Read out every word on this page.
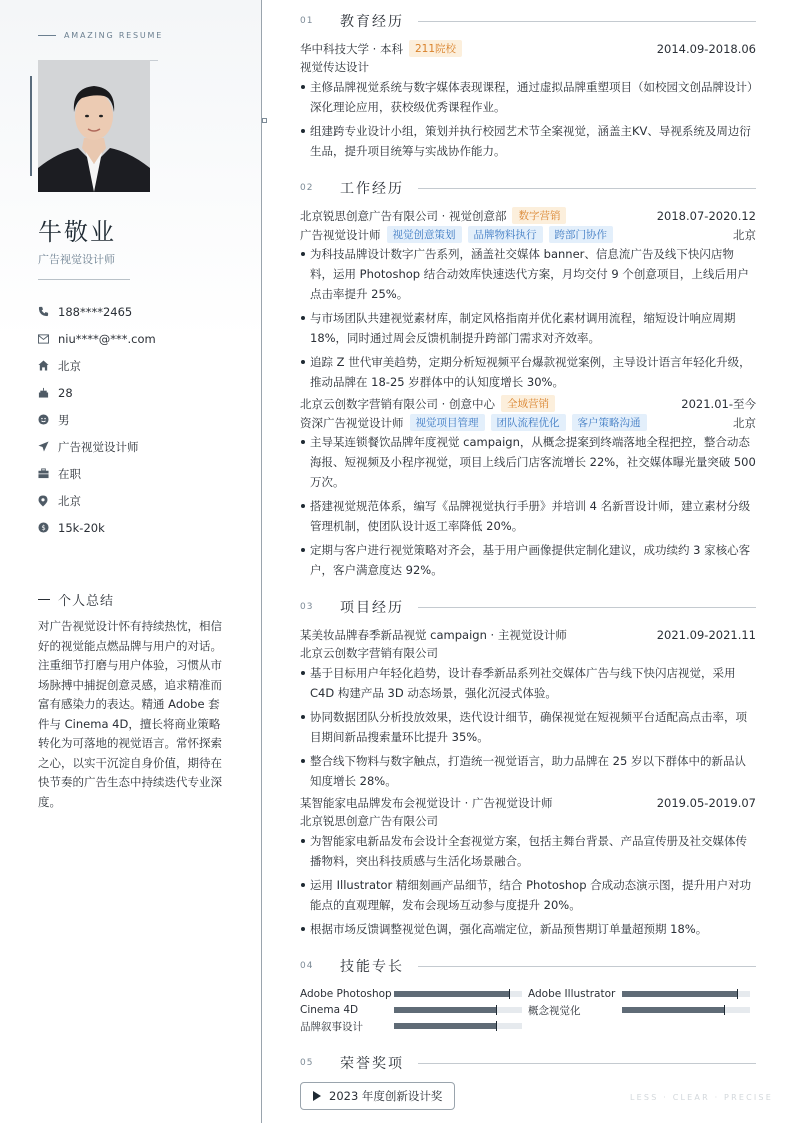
AMAZING RESUME
牛敬业
广告视觉设计师
188****2465
niu****@***.com
北京
28
男
广告视觉设计师
在职
北京
$ 15k-20k
个人总结
对广告视觉设计怀有持续热忱，相信好的视觉能点燃品牌与用户的对话。注重细节打磨与用户体验，习惯从市场脉搏中捕捉创意灵感，追求精准而富有感染力的表达。精通 Adobe 套件与 Cinema 4D，擅长将商业策略转化为可落地的视觉语言。常怀探索之心，以实干沉淀自身价值，期待在快节奏的广告生态中持续迭代专业深度。
01	教育经历
华中科技大学 · 本科	211院校	2014.09-2018.06
视觉传达设计
主修品牌视觉系统与数字媒体表现课程，通过虚拟品牌重塑项目（如校园文创品牌设计）深化理论应用，获校级优秀课程作业。
组建跨专业设计小组，策划并执行校园艺术节全案视觉，涵盖主KV、导视系统及周边衍生品，提升项目统筹与实战协作能力。
02	工作经历
北京锐思创意广告有限公司 · 视觉创意部	数字营销	2018.07-2020.12
广告视觉设计师	视觉创意策划	品牌物料执行	跨部门协作	北京
为科技品牌设计数字广告系列，涵盖社交媒体 banner、信息流广告及线下快闪店物料，运用 Photoshop 结合动效库快速迭代方案，月均交付 9 个创意项目，上线后用户点击率提升 25%。
与市场团队共建视觉素材库，制定风格指南并优化素材调用流程，缩短设计响应周期 18%，同时通过周会反馈机制提升跨部门需求对齐效率。
追踪 Z 世代审美趋势，定期分析短视频平台爆款视觉案例，主导设计语言年轻化升级，推动品牌在 18-25 岁群体中的认知度增长 30%。
北京云创数字营销有限公司 · 创意中心	全域营销	2021.01-至今
资深广告视觉设计师	视觉项目管理	团队流程优化	客户策略沟通	北京
主导某连锁餐饮品牌年度视觉 campaign，从概念提案到终端落地全程把控，整合动态海报、短视频及小程序视觉，项目上线后门店客流增长 22%，社交媒体曝光量突破 500 万次。
搭建视觉规范体系，编写《品牌视觉执行手册》并培训 4 名新晋设计师，建立素材分级管理机制，使团队设计返工率降低 20%。
定期与客户进行视觉策略对齐会，基于用户画像提供定制化建议，成功续约 3 家核心客户，客户满意度达 92%。
03	项目经历
某美妆品牌春季新品视觉 campaign · 主视觉设计师	2021.09-2021.11
北京云创数字营销有限公司
基于目标用户年轻化趋势，设计春季新品系列社交媒体广告与线下快闪店视觉，采用 C4D 构建产品 3D 动态场景，强化沉浸式体验。
协同数据团队分析投放效果，迭代设计细节，确保视觉在短视频平台适配高点击率，项目期间新品搜索量环比提升 35%。
整合线下物料与数字触点，打造统一视觉语言，助力品牌在 25 岁以下群体中的新品认知度增长 28%。
某智能家电品牌发布会视觉设计 · 广告视觉设计师	2019.05-2019.07
北京锐思创意广告有限公司
为智能家电新品发布会设计全套视觉方案，包括主舞台背景、产品宣传册及社交媒体传播物料，突出科技质感与生活化场景融合。
运用 Illustrator 精细刻画产品细节，结合 Photoshop 合成动态演示图，提升用户对功能点的直观理解，发布会现场互动参与度提升 20%。
根据市场反馈调整视觉色调，强化高端定位，新品预售期订单量超预期 18%。
04	技能专长
Adobe Photoshop	Adobe Illustrator
Cinema 4D	概念视觉化
品牌叙事设计
05	荣誉奖项
2023 年度创新设计奖	LESS · CLEAR · PRECISE
